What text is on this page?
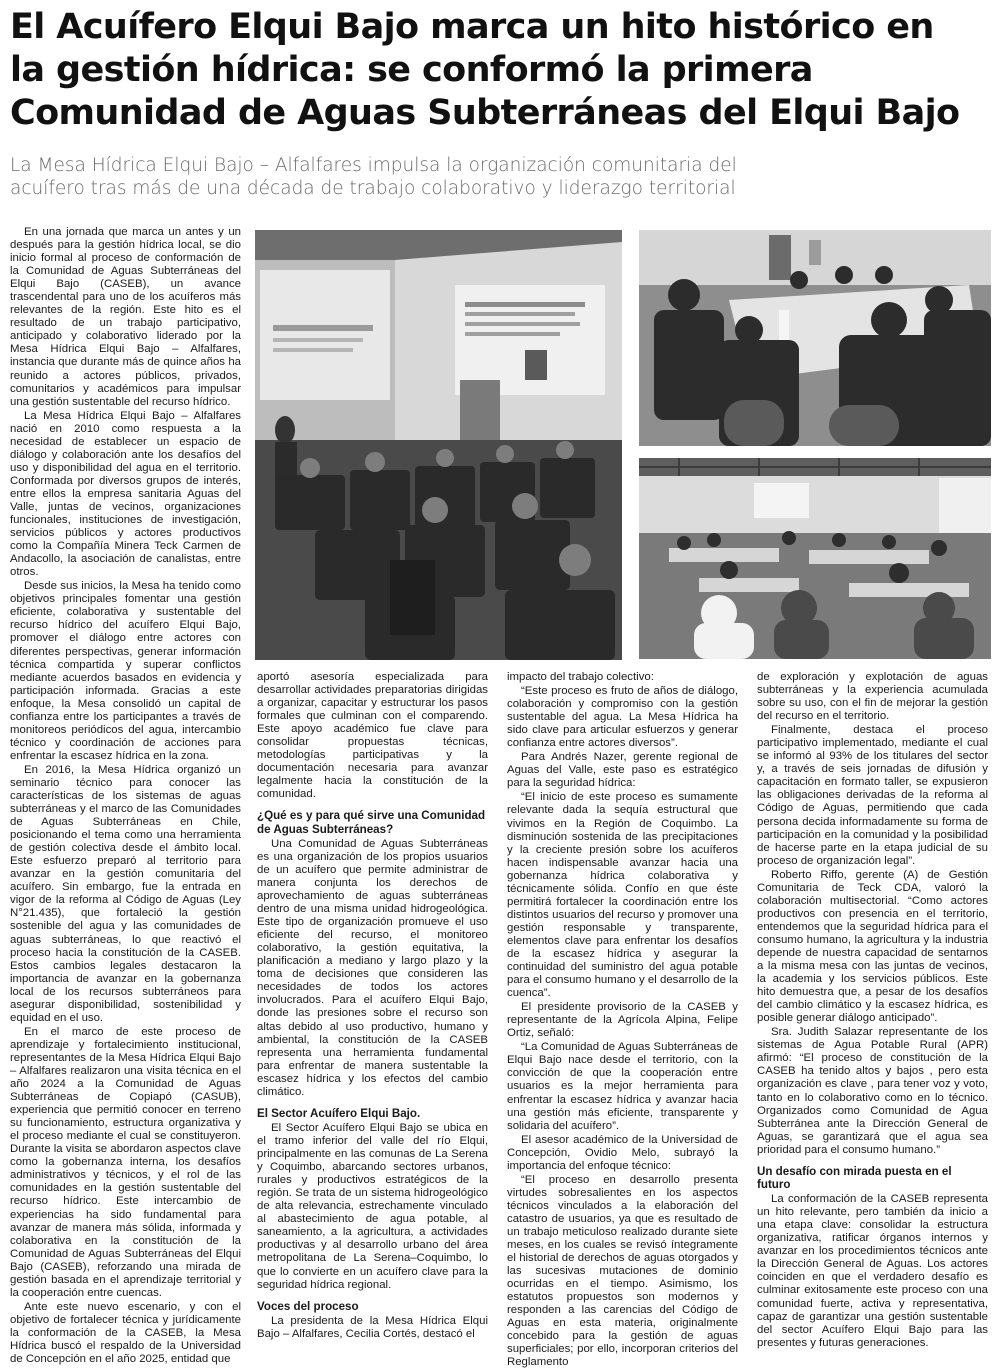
El Acuífero Elqui Bajo marca un hito histórico en
la gestión hídrica: se conformó la primera
Comunidad de Aguas Subterráneas del Elqui Bajo
La Mesa Hídrica Elqui Bajo – Alfalfares impulsa la organización comunitaria del
acuífero tras más de una década de trabajo colaborativo y liderazgo territorial

En una jornada que marca un antes y un después para la gestión hídrica local, se dio inicio formal al proceso de conformación de la Comunidad de Aguas Subterráneas del Elqui Bajo (CASEB), un avance trascendental para uno de los acuíferos más relevantes de la región. Este hito es el resultado de un trabajo participativo, anticipado y colaborativo liderado por la Mesa Hídrica Elqui Bajo – Alfalfares, instancia que durante más de quince años ha reunido a actores públicos, privados, comunitarios y académicos para impulsar una gestión sustentable del recurso hídrico.

La Mesa Hídrica Elqui Bajo – Alfalfares nació en 2010 como respuesta a la necesidad de establecer un espacio de diálogo y colaboración ante los desafíos del uso y disponibilidad del agua en el territorio. Conformada por diversos grupos de interés, entre ellos la empresa sanitaria Aguas del Valle, juntas de vecinos, organizaciones funcionales, instituciones de investigación, servicios públicos y actores productivos como la Compañía Minera Teck Carmen de Andacollo, la asociación de canalistas, entre otros.

Desde sus inicios, la Mesa ha tenido como objetivos principales fomentar una gestión eficiente, colaborativa y sustentable del recurso hídrico del acuífero Elqui Bajo, promover el diálogo entre actores con diferentes perspectivas, generar información técnica compartida y superar conflictos mediante acuerdos basados en evidencia y participación informada. Gracias a este enfoque, la Mesa consolidó un capital de confianza entre los participantes a través de monitoreos periódicos del agua, intercambio técnico y coordinación de acciones para enfrentar la escasez hídrica en la zona.

En 2016, la Mesa Hídrica organizó un seminario técnico para conocer las características de los sistemas de aguas subterráneas y el marco de las Comunidades de Aguas Subterráneas en Chile, posicionando el tema como una herramienta de gestión colectiva desde el ámbito local. Este esfuerzo preparó al territorio para avanzar en la gestión comunitaria del acuífero. Sin embargo, fue la entrada en vigor de la reforma al Código de Aguas (Ley N°21.435), que fortaleció la gestión sostenible del agua y las comunidades de aguas subterráneas, lo que reactivó el proceso hacia la constitución de la CASEB. Estos cambios legales destacaron la importancia de avanzar en la gobernanza local de los recursos subterráneos para asegurar disponibilidad, sostenibilidad y equidad en el uso.

En el marco de este proceso de aprendizaje y fortalecimiento institucional, representantes de la Mesa Hídrica Elqui Bajo – Alfalfares realizaron una visita técnica en el año 2024 a la Comunidad de Aguas Subterráneas de Copiapó (CASUB), experiencia que permitió conocer en terreno su funcionamiento, estructura organizativa y el proceso mediante el cual se constituyeron. Durante la visita se abordaron aspectos clave como la gobernanza interna, los desafíos administrativos y técnicos, y el rol de las comunidades en la gestión sustentable del recurso hídrico. Este intercambio de experiencias ha sido fundamental para avanzar de manera más sólida, informada y colaborativa en la constitución de la Comunidad de Aguas Subterráneas del Elqui Bajo (CASEB), reforzando una mirada de gestión basada en el aprendizaje territorial y la cooperación entre cuencas.

Ante este nuevo escenario, y con el objetivo de fortalecer técnica y jurídicamente la conformación de la CASEB, la Mesa Hídrica buscó el respaldo de la Universidad de Concepción en el año 2025, entidad que

aportó asesoría especializada para desarrollar actividades preparatorias dirigidas a organizar, capacitar y estructurar los pasos formales que culminan con el comparendo. Este apoyo académico fue clave para consolidar propuestas técnicas, metodologías participativas y la documentación necesaria para avanzar legalmente hacia la constitución de la comunidad.

¿Qué es y para qué sirve una Comunidad de Aguas Subterráneas?

Una Comunidad de Aguas Subterráneas es una organización de los propios usuarios de un acuífero que permite administrar de manera conjunta los derechos de aprovechamiento de aguas subterráneas dentro de una misma unidad hidrogeológica. Este tipo de organización promueve el uso eficiente del recurso, el monitoreo colaborativo, la gestión equitativa, la planificación a mediano y largo plazo y la toma de decisiones que consideren las necesidades de todos los actores involucrados. Para el acuífero Elqui Bajo, donde las presiones sobre el recurso son altas debido al uso productivo, humano y ambiental, la constitución de la CASEB representa una herramienta fundamental para enfrentar de manera sustentable la escasez hídrica y los efectos del cambio climático.

El Sector Acuífero Elqui Bajo.

El Sector Acuífero Elqui Bajo se ubica en el tramo inferior del valle del río Elqui, principalmente en las comunas de La Serena y Coquimbo, abarcando sectores urbanos, rurales y productivos estratégicos de la región. Se trata de un sistema hidrogeológico de alta relevancia, estrechamente vinculado al abastecimiento de agua potable, al saneamiento, a la agricultura, a actividades productivas y al desarrollo urbano del área metropolitana de La Serena–Coquimbo, lo que lo convierte en un acuífero clave para la seguridad hídrica regional.

Voces del proceso

La presidenta de la Mesa Hídrica Elqui Bajo – Alfalfares, Cecilia Cortés, destacó el

impacto del trabajo colectivo:

“Este proceso es fruto de años de diálogo, colaboración y compromiso con la gestión sustentable del agua. La Mesa Hídrica ha sido clave para articular esfuerzos y generar confianza entre actores diversos”.

Para Andrés Nazer, gerente regional de Aguas del Valle, este paso es estratégico para la seguridad hídrica:

“El inicio de este proceso es sumamente relevante dada la sequía estructural que vivimos en la Región de Coquimbo. La disminución sostenida de las precipitaciones y la creciente presión sobre los acuíferos hacen indispensable avanzar hacia una gobernanza hídrica colaborativa y técnicamente sólida. Confío en que éste permitirá fortalecer la coordinación entre los distintos usuarios del recurso y promover una gestión responsable y transparente, elementos clave para enfrentar los desafíos de la escasez hídrica y asegurar la continuidad del suministro del agua potable para el consumo humano y el desarrollo de la cuenca”.

El presidente provisorio de la CASEB y representante de la Agrícola Alpina, Felipe Ortiz, señaló:

“La Comunidad de Aguas Subterráneas de Elqui Bajo nace desde el territorio, con la convicción de que la cooperación entre usuarios es la mejor herramienta para enfrentar la escasez hídrica y avanzar hacia una gestión más eficiente, transparente y solidaria del acuífero”.

El asesor académico de la Universidad de Concepción, Ovidio Melo, subrayó la importancia del enfoque técnico:

“El proceso en desarrollo presenta virtudes sobresalientes en los aspectos técnicos vinculados a la elaboración del catastro de usuarios, ya que es resultado de un trabajo meticuloso realizado durante siete meses, en los cuales se revisó íntegramente el historial de derechos de aguas otorgados y las sucesivas mutaciones de dominio ocurridas en el tiempo. Asimismo, los estatutos propuestos son modernos y responden a las carencias del Código de Aguas en esta materia, originalmente concebido para la gestión de aguas superficiales; por ello, incorporan criterios del Reglamento

de exploración y explotación de aguas subterráneas y la experiencia acumulada sobre su uso, con el fin de mejorar la gestión del recurso en el territorio.

Finalmente, destaca el proceso participativo implementado, mediante el cual se informó al 93% de los titulares del sector y, a través de seis jornadas de difusión y capacitación en formato taller, se expusieron las obligaciones derivadas de la reforma al Código de Aguas, permitiendo que cada persona decida informadamente su forma de participación en la comunidad y la posibilidad de hacerse parte en la etapa judicial de su proceso de organización legal”.

Roberto Riffo, gerente (A) de Gestión Comunitaria de Teck CDA, valoró la colaboración multisectorial. “Como actores productivos con presencia en el territorio, entendemos que la seguridad hídrica para el consumo humano, la agricultura y la industria depende de nuestra capacidad de sentarnos a la misma mesa con las juntas de vecinos, la academia y los servicios públicos. Este hito demuestra que, a pesar de los desafíos del cambio climático y la escasez hídrica, es posible generar diálogo anticipado”.

Sra. Judith Salazar representante de los sistemas de Agua Potable Rural (APR) afirmó: “El proceso de constitución de la CASEB ha tenido altos y bajos , pero esta organización es clave , para tener voz y voto, tanto en lo colaborativo como en lo técnico. Organizados como Comunidad de Agua Subterránea ante la Dirección General de Aguas, se garantizará que el agua sea prioridad para el consumo humano.”

Un desafío con mirada puesta en el futuro

La conformación de la CASEB representa un hito relevante, pero también da inicio a una etapa clave: consolidar la estructura organizativa, ratificar órganos internos y avanzar en los procedimientos técnicos ante la Dirección General de Aguas. Los actores coinciden en que el verdadero desafío es culminar exitosamente este proceso con una comunidad fuerte, activa y representativa, capaz de garantizar una gestión sustentable del sector Acuífero Elqui Bajo para las presentes y futuras generaciones.
